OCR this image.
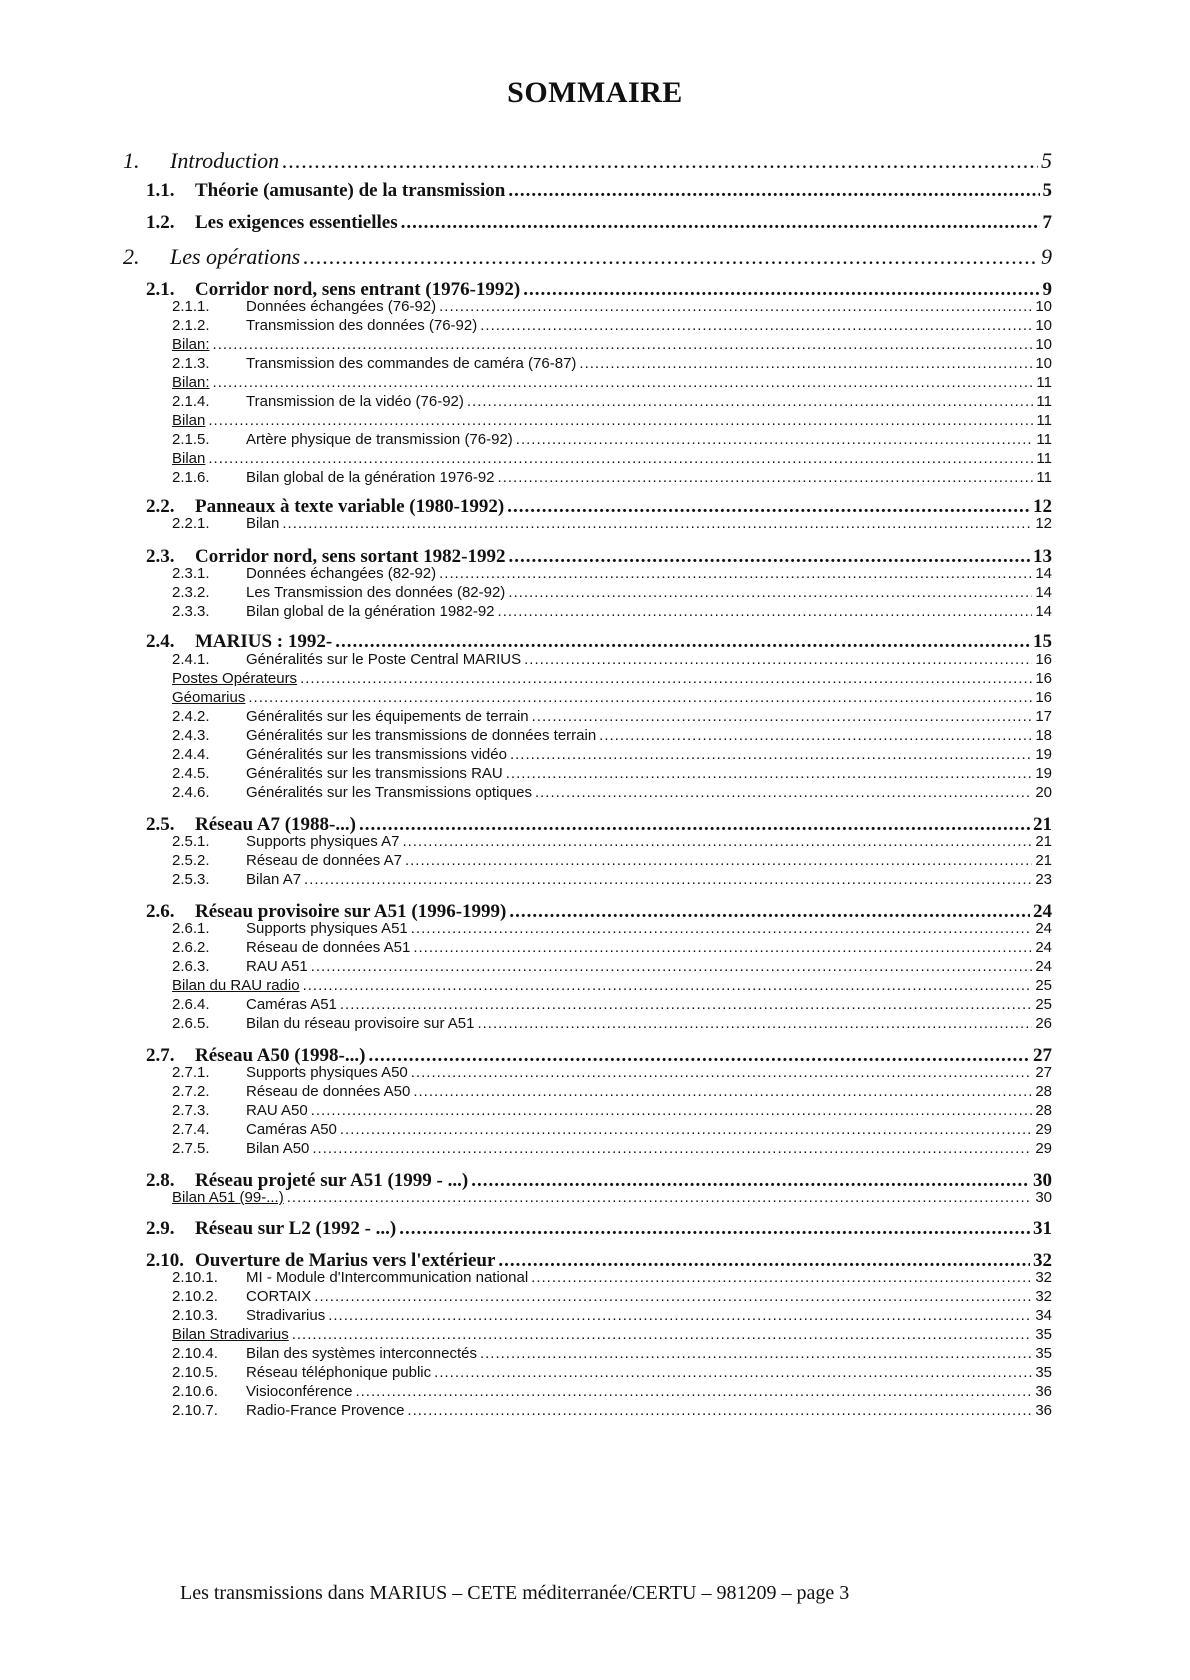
SOMMAIRE
1. Introduction .....	5
1.1.	Théorie (amusante) de la transmission .....	5
1.2.	Les exigences essentielles .....	7
2. Les opérations .....	9
2.1.	Corridor nord, sens entrant (1976-1992) .....	9
2.1.1.	Données échangées (76-92) .....	10
2.1.2.	Transmission des données (76-92) .....	10
Bilan: .....	10
2.1.3.	Transmission des commandes de caméra (76-87) .....	10
Bilan: .....	11
2.1.4.	Transmission de la vidéo (76-92) .....	11
Bilan .....	11
2.1.5.	Artère physique de transmission (76-92) .....	11
Bilan .....	11
2.1.6.	Bilan global de la génération 1976-92 .....	11
2.2.	Panneaux à texte variable (1980-1992) .....	12
2.2.1.	Bilan .....	12
2.3.	Corridor nord, sens sortant 1982-1992 .....	13
2.3.1.	Données échangées (82-92) .....	14
2.3.2.	Les Transmission des données (82-92) .....	14
2.3.3.	Bilan global de la génération 1982-92 .....	14
2.4.	MARIUS : 1992- .....	15
2.4.1.	Généralités sur le Poste Central MARIUS .....	16
Postes Opérateurs .....	16
Géomarius .....	16
2.4.2.	Généralités sur les équipements de terrain .....	17
2.4.3.	Généralités sur les transmissions de données terrain .....	18
2.4.4.	Généralités sur les transmissions vidéo .....	19
2.4.5.	Généralités sur les transmissions RAU .....	19
2.4.6.	Généralités sur les Transmissions optiques .....	20
2.5.	Réseau A7 (1988-...) .....	21
2.5.1.	Supports physiques A7 .....	21
2.5.2.	Réseau de données A7 .....	21
2.5.3.	Bilan A7 .....	23
2.6.	Réseau provisoire sur A51 (1996-1999) .....	24
2.6.1.	Supports physiques A51 .....	24
2.6.2.	Réseau de données A51 .....	24
2.6.3.	RAU A51 .....	24
Bilan du RAU radio .....	25
2.6.4.	Caméras A51 .....	25
2.6.5.	Bilan du réseau provisoire sur A51 .....	26
2.7.	Réseau A50 (1998-...) .....	27
2.7.1.	Supports physiques A50 .....	27
2.7.2.	Réseau de données A50 .....	28
2.7.3.	RAU A50 .....	28
2.7.4.	Caméras A50 .....	29
2.7.5.	Bilan A50 .....	29
2.8.	Réseau projeté sur A51 (1999 - ...) .....	30
Bilan A51 (99-...) .....	30
2.9.	Réseau sur L2 (1992 - ...) .....	31
2.10. Ouverture de Marius vers l'extérieur .....	32
2.10.1.	MI - Module d'Intercommunication national .....	32
2.10.2.	CORTAIX .....	32
2.10.3.	Stradivarius .....	34
Bilan Stradivarius .....	35
2.10.4.	Bilan des systèmes interconnectés .....	35
2.10.5.	Réseau téléphonique public .....	35
2.10.6.	Visioconférence .....	36
2.10.7.	Radio-France Provence .....	36
Les transmissions dans MARIUS – CETE méditerranée/CERTU – 981209 – page 3
